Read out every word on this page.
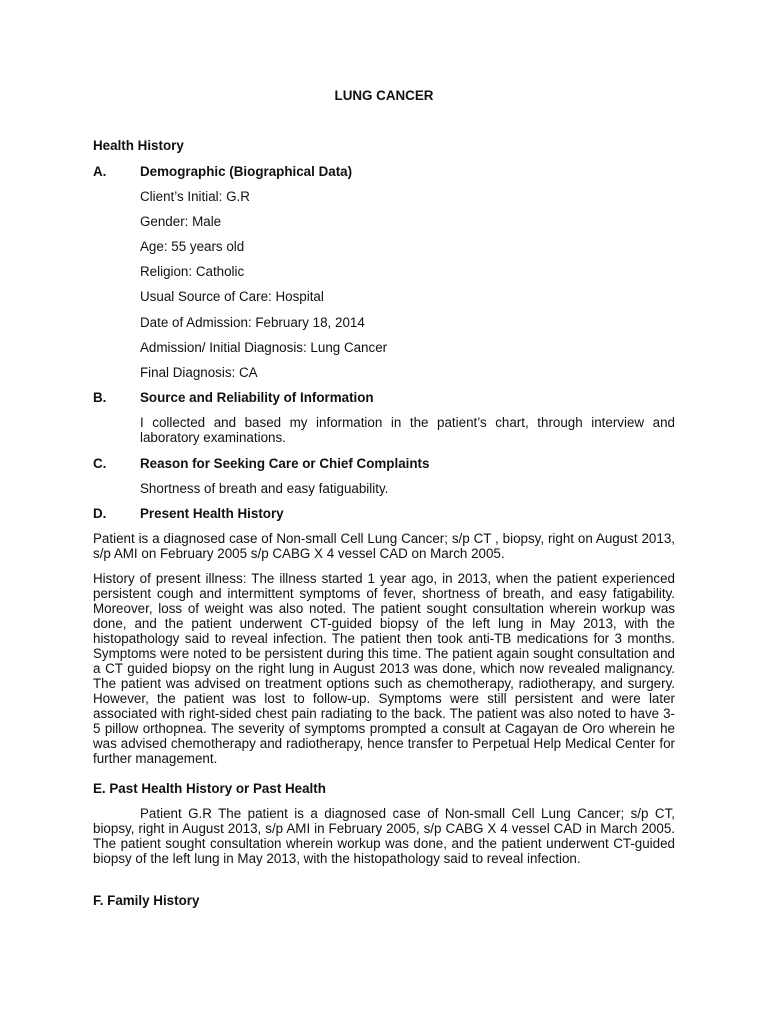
LUNG CANCER
Health History
A.	Demographic (Biographical Data)
Client’s Initial: G.R
Gender: Male
Age: 55 years old
Religion: Catholic
Usual Source of Care: Hospital
Date of Admission: February 18, 2014
Admission/ Initial Diagnosis: Lung Cancer
Final Diagnosis: CA
B.	Source and Reliability of Information
I collected and based my information in the patient’s chart, through interview and laboratory examinations.
C.	Reason for Seeking Care or Chief Complaints
Shortness of breath and easy fatiguability.
D.	Present Health History
Patient is a diagnosed case of Non-small Cell Lung Cancer; s/p CT , biopsy, right on August 2013, s/p AMI on February 2005 s/p CABG X 4 vessel CAD on March 2005.
History of present illness: The illness started 1 year ago, in 2013, when the patient experienced persistent cough and intermittent symptoms of fever, shortness of breath, and easy fatigability. Moreover, loss of weight was also noted. The patient sought consultation wherein workup was done, and the patient underwent CT-guided biopsy of the left lung in May 2013, with the histopathology said to reveal infection. The patient then took anti-TB medications for 3 months. Symptoms were noted to be persistent during this time. The patient again sought consultation and a CT guided biopsy on the right lung in August 2013 was done, which now revealed malignancy. The patient was advised on treatment options such as chemotherapy, radiotherapy, and surgery. However, the patient was lost to follow-up. Symptoms were still persistent and were later associated with right-sided chest pain radiating to the back. The patient was also noted to have 3-5 pillow orthopnea. The severity of symptoms prompted a consult at Cagayan de Oro wherein he was advised chemotherapy and radiotherapy, hence transfer to Perpetual Help Medical Center for further management.
E. Past Health History or Past Health
Patient G.R The patient is a diagnosed case of Non-small Cell Lung Cancer; s/p CT, biopsy, right in August 2013, s/p AMI in February 2005, s/p CABG X 4 vessel CAD in March 2005. The patient sought consultation wherein workup was done, and the patient underwent CT-guided biopsy of the left lung in May 2013, with the histopathology said to reveal infection.
F. Family History
